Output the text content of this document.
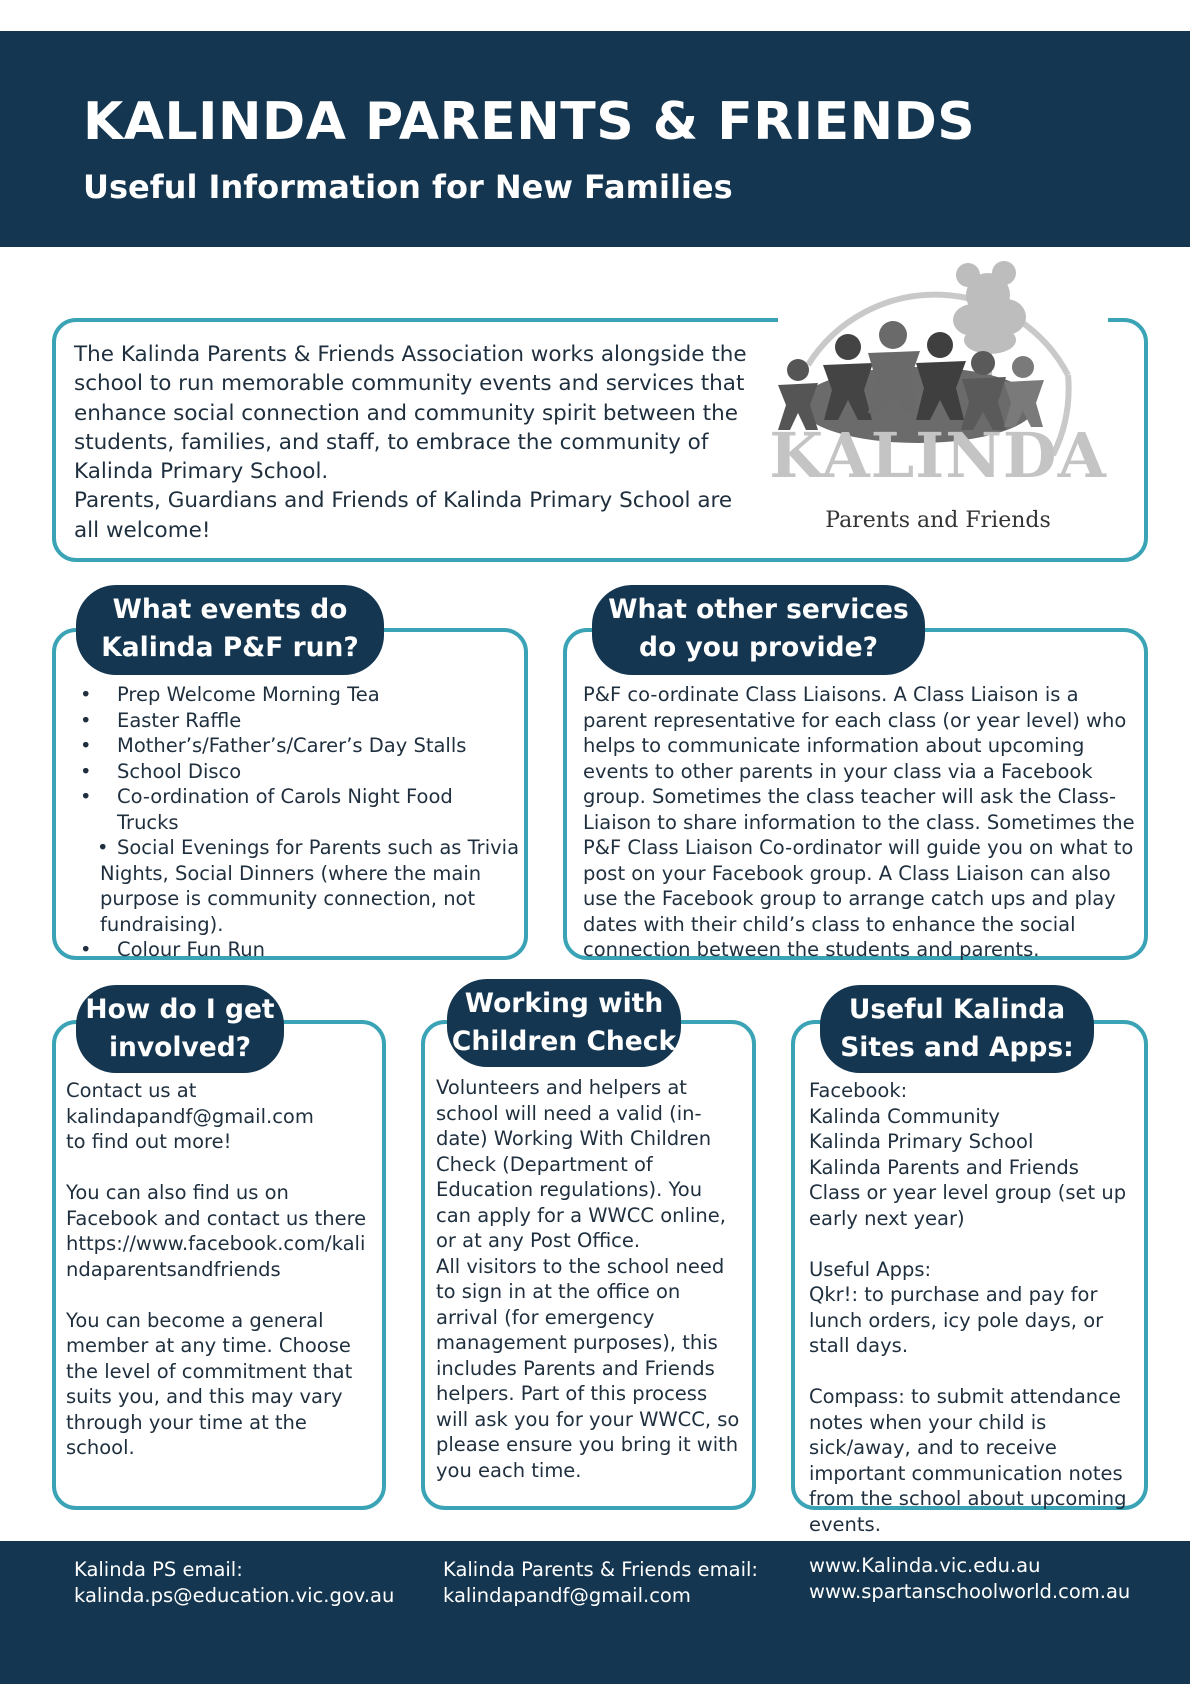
KALINDA PARENTS & FRIENDS
Useful Information for New Families
The Kalinda Parents & Friends Association works alongside the school to run memorable community events and services that enhance social connection and community spirit between the students, families, and staff, to embrace the community of Kalinda Primary School.
Parents, Guardians and Friends of Kalinda Primary School are all welcome!
KALINDA
Parents and Friends
What events do
Kalinda P&F run?
• Prep Welcome Morning Tea
• Easter Raffle
• Mother’s/Father’s/Carer’s Day Stalls
• School Disco
• Co-ordination of Carols Night Food Trucks
• Social Evenings for Parents such as Trivia Nights, Social Dinners (where the main purpose is community connection, not fundraising).
• Colour Fun Run
What other services
do you provide?
P&F co-ordinate Class Liaisons. A Class Liaison is a parent representative for each class (or year level) who helps to communicate information about upcoming events to other parents in your class via a Facebook group. Sometimes the class teacher will ask the Class-Liaison to share information to the class. Sometimes the P&F Class Liaison Co-ordinator will guide you on what to post on your Facebook group. A Class Liaison can also use the Facebook group to arrange catch ups and play dates with their child’s class to enhance the social connection between the students and parents.
How do I get
involved?
Contact us at
kalindapandf@gmail.com
to find out more!

You can also find us on Facebook and contact us there https://www.facebook.com/kali ndaparentsandfriends

You can become a general member at any time. Choose the level of commitment that suits you, and this may vary through your time at the school.
Working with
Children Check
Volunteers and helpers at school will need a valid (in-date) Working With Children Check (Department of Education regulations). You can apply for a WWCC online, or at any Post Office.
All visitors to the school need to sign in at the office on arrival (for emergency management purposes), this includes Parents and Friends helpers. Part of this process will ask you for your WWCC, so please ensure you bring it with you each time.
Useful Kalinda
Sites and Apps:
Facebook:
Kalinda Community
Kalinda Primary School
Kalinda Parents and Friends
Class or year level group (set up early next year)

Useful Apps:
Qkr!: to purchase and pay for lunch orders, icy pole days, or stall days.

Compass: to submit attendance notes when your child is sick/away, and to receive important communication notes from the school about upcoming events.
Kalinda PS email:
kalinda.ps@education.vic.gov.au
Kalinda Parents & Friends email:
kalindapandf@gmail.com
www.Kalinda.vic.edu.au
www.spartanschoolworld.com.au
